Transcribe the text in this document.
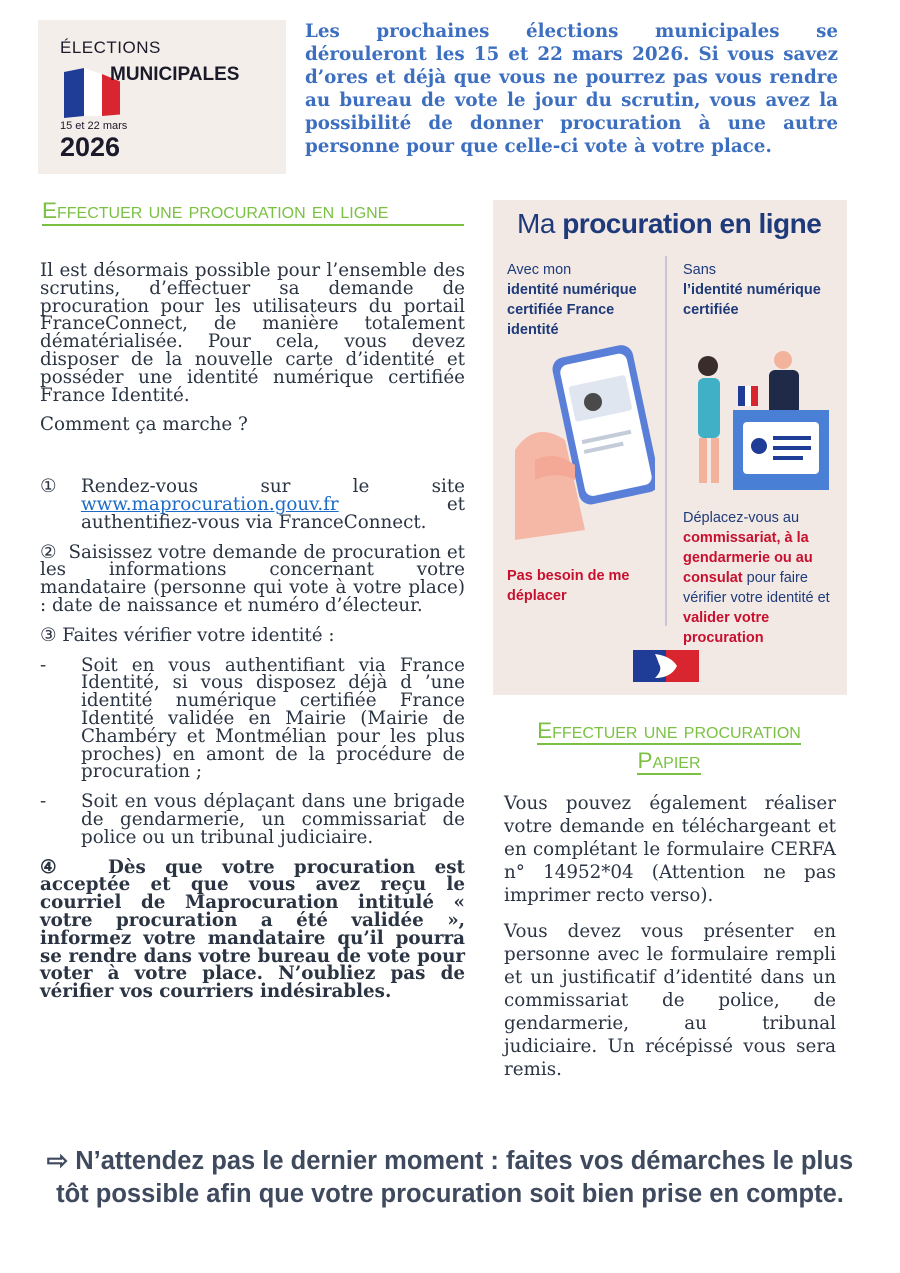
ÉLECTIONS
MUNICIPALES
15 et 22 mars
2026

Les prochaines élections municipales se dérouleront les 15 et 22 mars 2026. Si vous savez d’ores et déjà que vous ne pourrez pas vous rendre au bureau de vote le jour du scrutin, vous avez la possibilité de donner procuration à une autre personne pour que celle-ci vote à votre place.

Effectuer une procuration en ligne

Il est désormais possible pour l’ensemble des scrutins, d’effectuer sa demande de procuration pour les utilisateurs du portail FranceConnect, de manière totalement dématérialisée. Pour cela, vous devez disposer de la nouvelle carte d’identité et posséder une identité numérique certifiée France Identité.

Comment ça marche ?

① Rendez-vous sur le site www.maprocuration.gouv.fr	et authentifiez-vous via FranceConnect.

② Saisissez votre demande de procuration et les informations concernant votre mandataire (personne qui vote à votre place) : date de naissance et numéro d’électeur.

③ Faites vérifier votre identité :

- Soit en vous authentifiant via France Identité, si vous disposez déjà d ’une identité numérique certifiée France Identité validée en Mairie (Mairie de Chambéry et Montmélian pour les plus proches) en amont de la procédure de procuration ;

- Soit en vous déplaçant dans une brigade de gendarmerie, un commissariat de police ou un tribunal judiciaire.

④ Dès que votre procuration est acceptée et que vous avez reçu le courriel de Maprocuration intitulé « votre procuration a été validée », informez votre mandataire qu’il pourra se rendre dans votre bureau de vote pour voter à votre place. N’oubliez pas de vérifier vos courriers indésirables.

Ma procuration en ligne
Avec mon
identité numérique certifiée France identité
Sans
l’identité numérique certifiée
Pas besoin de me déplacer
Déplacez-vous au commissariat, à la gendarmerie ou au consulat pour faire vérifier votre identité et valider votre procuration
Effectuer une procuration
Papier

Vous pouvez également réaliser votre demande en téléchargeant et en complétant le formulaire CERFA n° 14952*04 (Attention ne pas imprimer recto verso).

Vous devez vous présenter en personne avec le formulaire rempli et un justificatif d’identité dans un commissariat de police, de gendarmerie, au tribunal judiciaire. Un récépissé vous sera remis.

⇨ N’attendez pas le dernier moment : faites vos démarches le plus tôt possible afin que votre procuration soit bien prise en compte.
